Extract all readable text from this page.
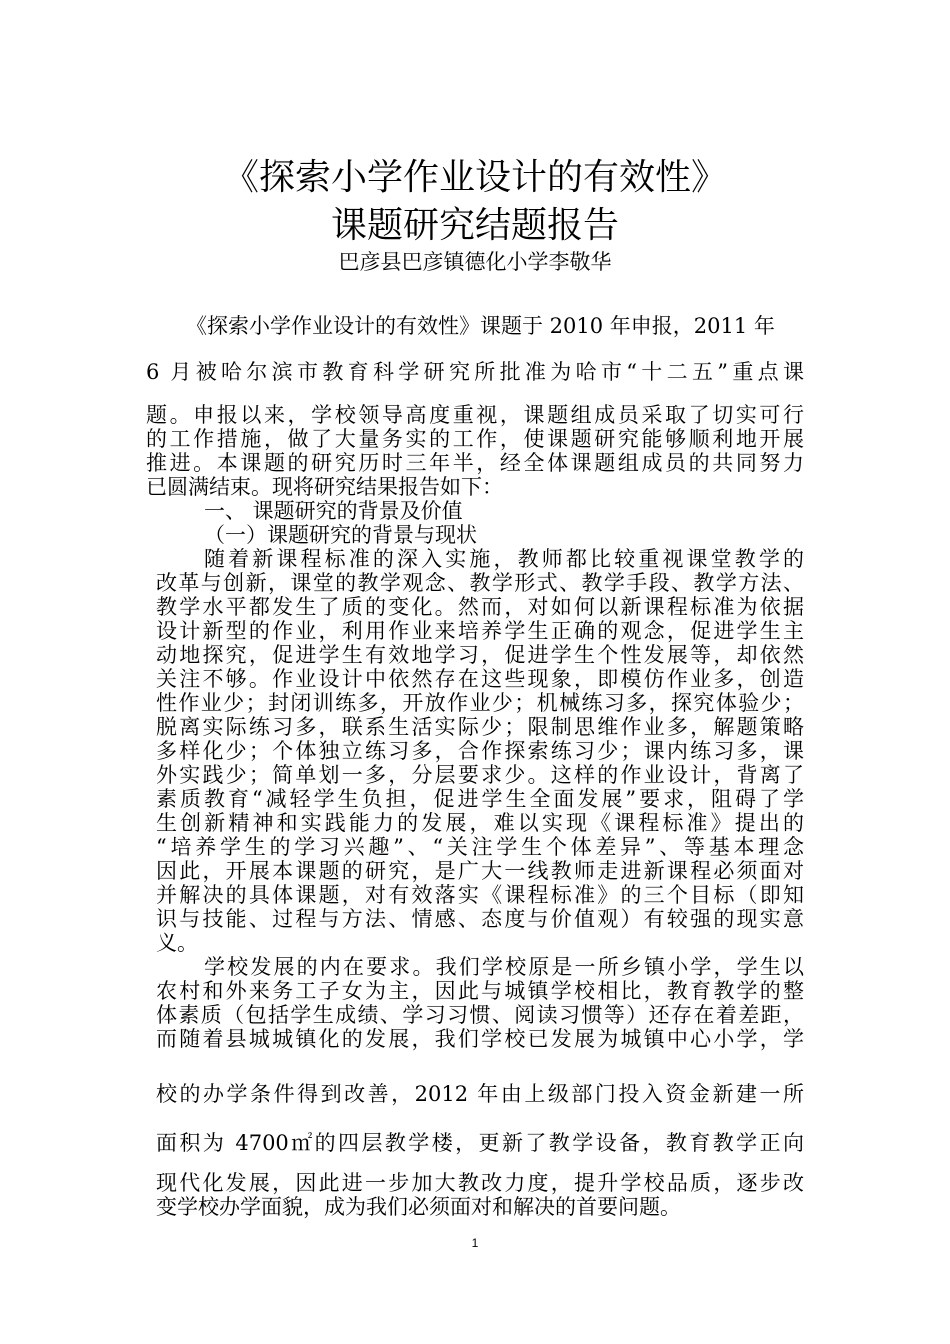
《探索小学作业设计的有效性》
课题研究结题报告
巴彦县巴彦镇德化小学李敬华
《探索小学作业设计的有效性》课题于 2010 年申报，2011 年
6 月被哈尔滨市教育科学研究所批准为哈市“十二五”重点课
题。申报以来，学校领导高度重视，课题组成员采取了切实可行
的工作措施，做了大量务实的工作，使课题研究能够顺利地开展
推进。本课题的研究历时三年半，经全体课题组成员的共同努力
已圆满结束。现将研究结果报告如下：
一、 课题研究的背景及价值
（一）课题研究的背景与现状
随着新课程标准的深入实施，教师都比较重视课堂教学的
改革与创新，课堂的教学观念、教学形式、教学手段、教学方法、
教学水平都发生了质的变化。然而，对如何以新课程标准为依据
设计新型的作业，利用作业来培养学生正确的观念，促进学生主
动地探究，促进学生有效地学习，促进学生个性发展等，却依然
关注不够。作业设计中依然存在这些现象，即模仿作业多，创造
性作业少；封闭训练多，开放作业少；机械练习多，探究体验少；
脱离实际练习多，联系生活实际少；限制思维作业多，解题策略
多样化少；个体独立练习多，合作探索练习少；课内练习多，课
外实践少；简单划一多，分层要求少。这样的作业设计，背离了
素质教育“减轻学生负担，促进学生全面发展”要求，阻碍了学
生创新精神和实践能力的发展，难以实现《课程标准》提出的
“培养学生的学习兴趣”、“关注学生个体差异”、等基本理念
因此，开展本课题的研究，是广大一线教师走进新课程必须面对
并解决的具体课题，对有效落实《课程标准》的三个目标（即知
识与技能、过程与方法、情感、态度与价值观）有较强的现实意
义。
学校发展的内在要求。我们学校原是一所乡镇小学，学生以
农村和外来务工子女为主，因此与城镇学校相比，教育教学的整
体素质（包括学生成绩、学习习惯、阅读习惯等）还存在着差距，
而随着县城城镇化的发展，我们学校已发展为城镇中心小学，学
校的办学条件得到改善，2012 年由上级部门投入资金新建一所
面积为 4700㎡的四层教学楼，更新了教学设备，教育教学正向
现代化发展，因此进一步加大教改力度，提升学校品质，逐步改
变学校办学面貌，成为我们必须面对和解决的首要问题。
1
